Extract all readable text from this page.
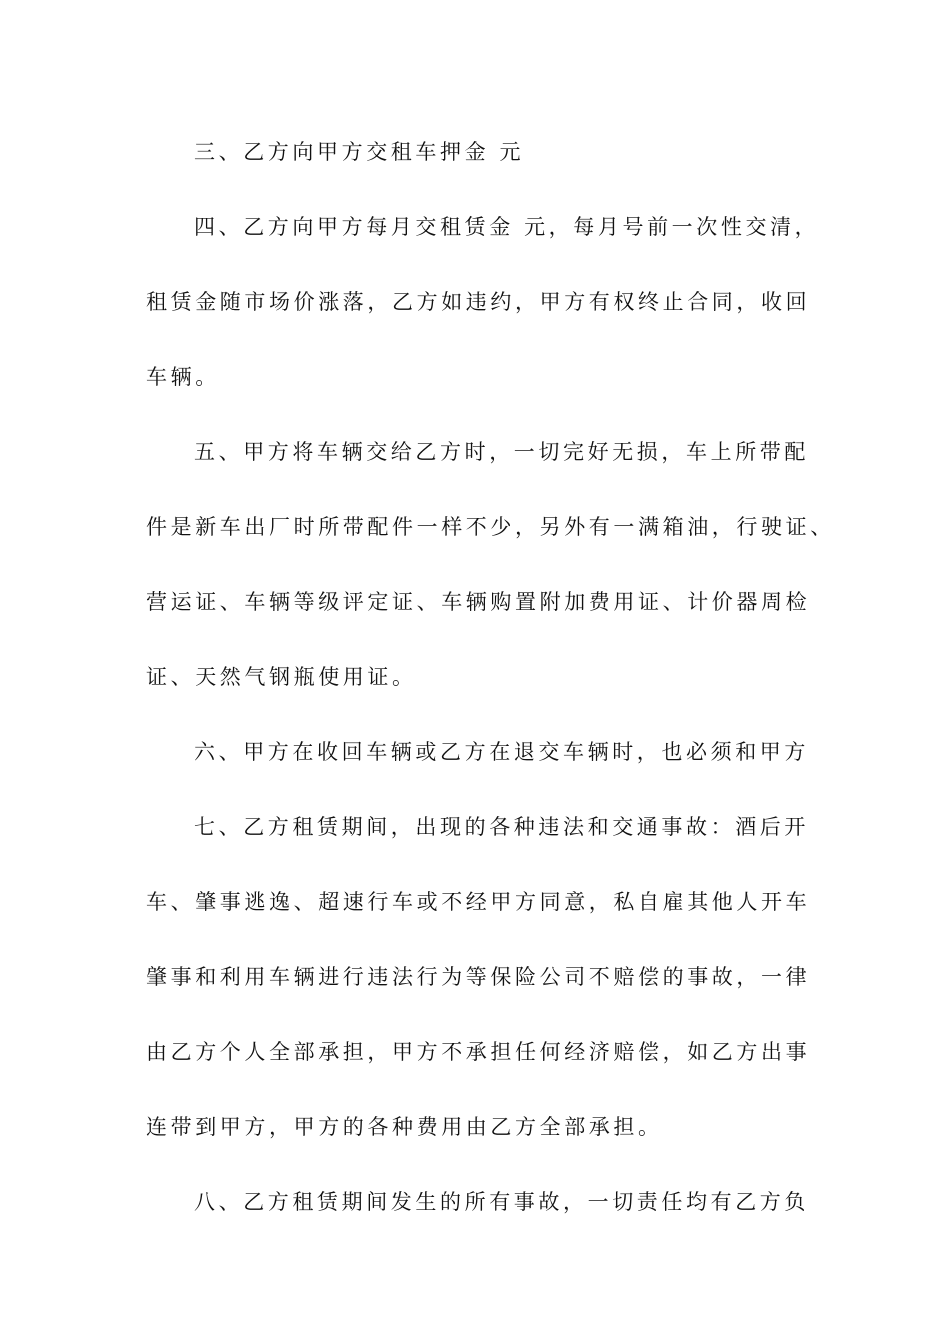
三、乙方向甲方交租车押金 元
四、乙方向甲方每月交租赁金 元，每月号前一次性交清，
租赁金随市场价涨落，乙方如违约，甲方有权终止合同，收回
车辆。
五、甲方将车辆交给乙方时，一切完好无损，车上所带配
件是新车出厂时所带配件一样不少，另外有一满箱油，行驶证、
营运证、车辆等级评定证、车辆购置附加费用证、计价器周检
证、天然气钢瓶使用证。
六、甲方在收回车辆或乙方在退交车辆时，也必须和甲方
七、乙方租赁期间，出现的各种违法和交通事故：酒后开
车、肇事逃逸、超速行车或不经甲方同意，私自雇其他人开车
肇事和利用车辆进行违法行为等保险公司不赔偿的事故，一律
由乙方个人全部承担，甲方不承担任何经济赔偿，如乙方出事
连带到甲方，甲方的各种费用由乙方全部承担。
八、乙方租赁期间发生的所有事故，一切责任均有乙方负
